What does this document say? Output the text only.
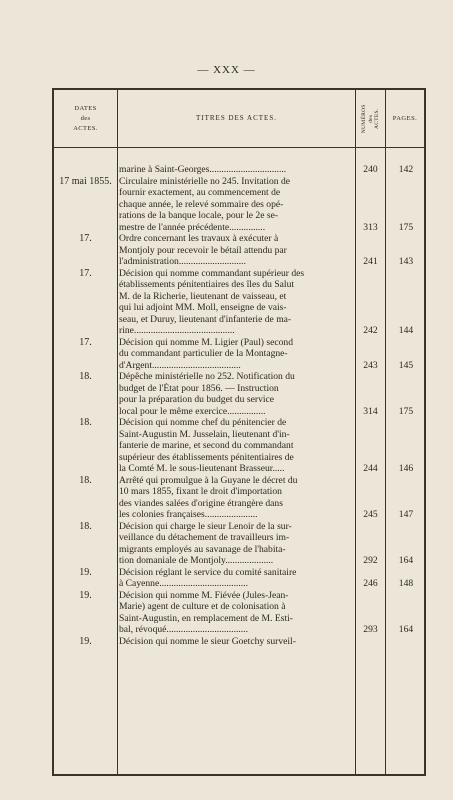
— XXX —
DATES
des
ACTES.
TITRES DES ACTES.	NUMÉROS des ACTES.	PAGES.
marine à Saint-Georges................................	240	142
17 mai 1855. Circulaire ministérielle no 245. Invitation de
fournir exactement, au commencement de
chaque année, le relevé sommaire des opé-
rations de la banque locale, pour le 2e se-
mestre de l'année précédente...............	313	175
17.	Ordre concernant les travaux à exécuter à
Montjoly pour recevoir le bétail attendu par
l'administration............................	241	143
17.	Décision qui nomme commandant supérieur des
établissements pénitentiaires des îles du Salut
M. de la Richerie, lieutenant de vaisseau, et
qui lui adjoint MM. Moll, enseigne de vais-
seau, et Duruy, lieutenant d'infanterie de ma-
rine..........................................	242	144
17.	Décision qui nomme M. Ligier (Paul) second
du commandant particulier de la Montagne-
d'Argent.....................................	243	145
18.	Dépêche ministérielle no 252. Notification du
budget de l'État pour 1856. — Instruction
pour la préparation du budget du service
local pour le même exercice................	314	175
18.	Décision qui nomme chef du pénitencier de
Saint-Augustin M. Jusselain, lieutenant d'in-
fanterie de marine, et second du commandant
supérieur des établissements pénitentiaires de
la Comté M. le sous-lieutenant Brasseur.....	244	146
18.	Arrêté qui promulgue à la Guyane le décret du
10 mars 1855, fixant le droit d'importation
des viandes salées d'origine étrangère dans
les colonies françaises......................	245	147
18.	Décision qui charge le sieur Lenoir de la sur-
veillance du détachement de travailleurs im-
migrants employés au savanage de l'habita-
tion domaniale de Montjoly....................	292	164
19.	Décision réglant le service du comité sanitaire
à Cayenne.....................................	246	148
19.	Décision qui nomme M. Fiévée (Jules-Jean-
Marie) agent de culture et de colonisation à
Saint-Augustin, en remplacement de M. Esti-
bal, révoqué..................................	293	164
19.	Décision qui nomme le sieur Goetchy surveil-
